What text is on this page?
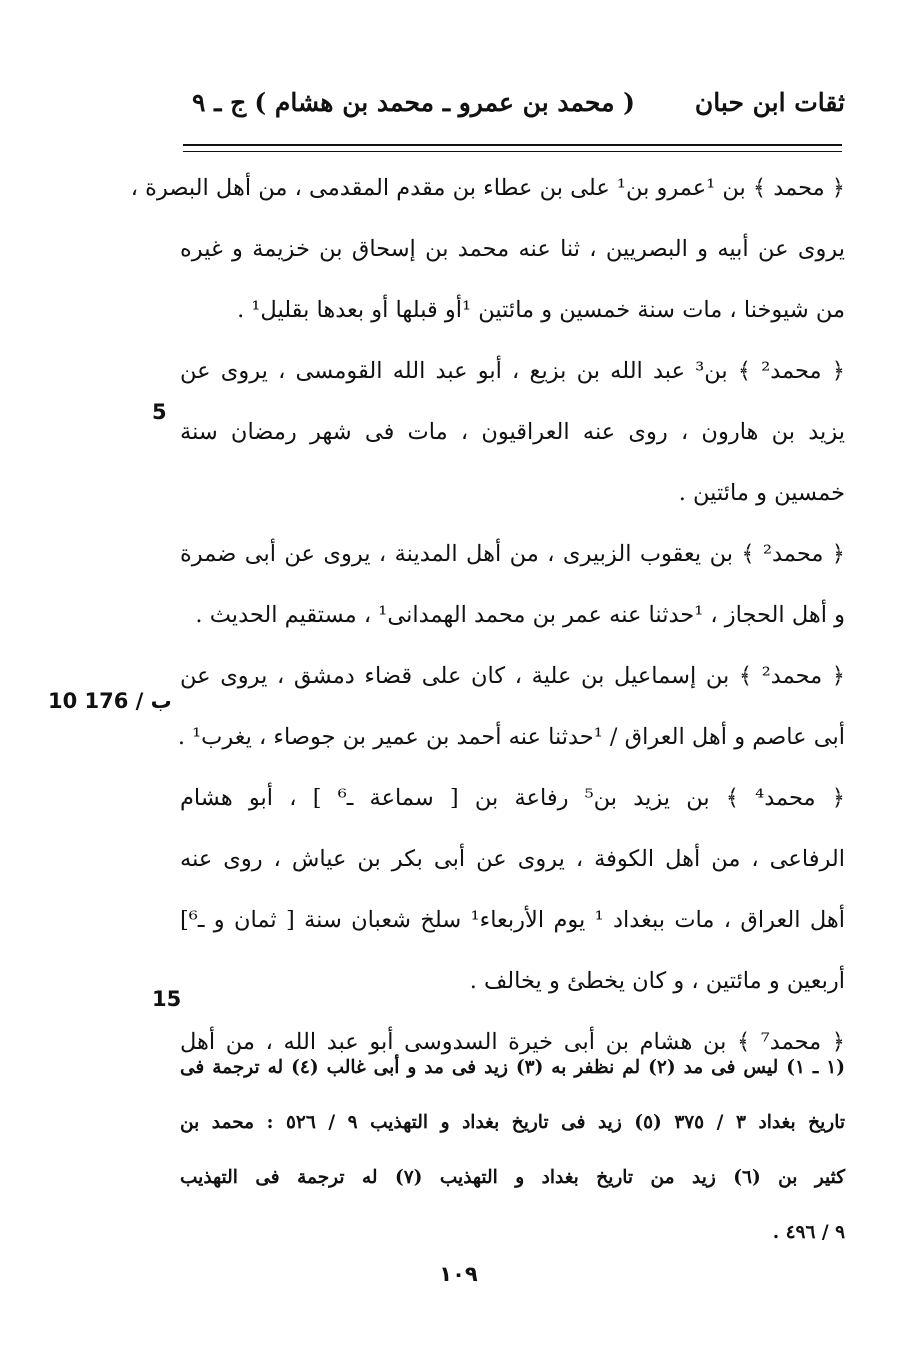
ثقات ابن حبان
( محمد بن عمرو ـ محمد بن هشام )
ج ـ ٩
﴿ محمد ﴾ بن ¹عمرو بن¹ على بن عطاء بن مقدم المقدمى ، من أهل البصرة ،
يروى عن أبيه و البصريين ، ثنا عنه محمد بن إسحاق بن خزيمة و غيره
من شيوخنا ، مات سنة خمسين و مائتين ¹أو قبلها أو بعدها بقليل¹ .
﴿ محمد² ﴾ بن³ عبد الله بن بزيع ، أبو عبد الله القومسى ، يروى عن
يزيد بن هارون ، روى عنه العراقيون ، مات فى شهر رمضان سنة
خمسين و مائتين .
﴿ محمد² ﴾ بن يعقوب الزبيرى ، من أهل المدينة ، يروى عن أبى ضمرة
و أهل الحجاز ، ¹حدثنا عنه عمر بن محمد الهمدانى¹ ، مستقيم الحديث .
﴿ محمد² ﴾ بن إسماعيل بن علية ، كان على قضاء دمشق ، يروى عن
أبى عاصم و أهل العراق / ¹حدثنا عنه أحمد بن عمير بن جوصاء ، يغرب¹ .
﴿ محمد⁴ ﴾ بن يزيد بن⁵ رفاعة بن [ سماعة ـ⁶ ] ، أبو هشام
الرفاعى ، من أهل الكوفة ، يروى عن أبى بكر بن عياش ، روى عنه
أهل العراق ، مات ببغداد ¹ يوم الأربعاء¹ سلخ شعبان سنة [ ثمان و ـ⁶]
أربعين و مائتين ، و كان يخطئ و يخالف .
﴿ محمد⁷ ﴾ بن هشام بن أبى خيرة السدوسى أبو عبد الله ، من أهل
5
10 176 / ب
15
(١ ـ ١) ليس فى مد (٢) لم نظفر به (٣) زيد فى مد و أبى غالب (٤) له ترجمة فى
تاريخ بغداد ٣ / ٣٧٥ (٥) زيد فى تاريخ بغداد و التهذيب ٩ / ٥٢٦ : محمد بن
كثير بن (٦) زيد من تاريخ بغداد و التهذيب (٧) له ترجمة فى التهذيب
٩ / ٤٩٦ .
١٠٩
